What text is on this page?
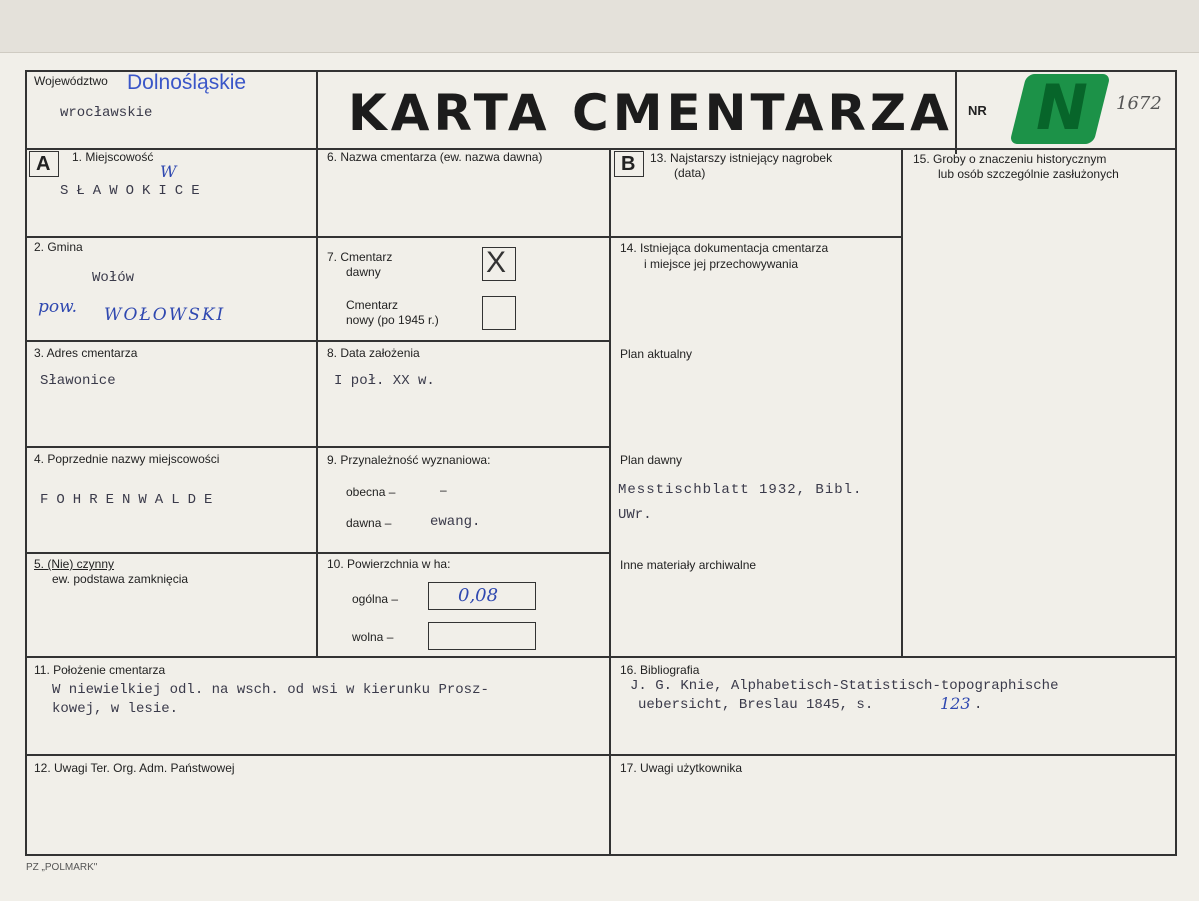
Województwo Dolnośląskie
wrocławskie	KARTA CMENTARZA NR N 1672
A 1. Miejscowość
SŁAWOKICE
W
2. Gmina
Wołów
pow. WOŁOWSKI
3. Adres cmentarza
Sławonice
4. Poprzednie nazwy miejscowości
FOHRENWALDE
5. (Nie) czynny
ew. podstawa zamknięcia
6. Nazwa cmentarza (ew. nazwa dawna)
7. Cmentarz
dawny	X
Cmentarz
nowy (po 1945 r.)
8. Data założenia
I poł. XX w.
9. Przynależność wyznaniowa:
obecna –	–
dawna –	ewang.
10. Powierzchnia w ha:
ogólna –	0,08
wolna –
B 13. Najstarszy istniejący nagrobek
(data)
14. Istniejąca dokumentacja cmentarza
i miejsce jej przechowywania
Plan aktualny
Plan dawny
Messtischblatt 1932, Bibl.
UWr.
Inne materiały archiwalne
15. Groby o znaczeniu historycznym
lub osób szczególnie zasłużonych
11. Położenie cmentarza
W niewielkiej odl. na wsch. od wsi w kierunku Prosz-
kowej, w lesie.
16. Bibliografia
J. G. Knie, Alphabetisch-Statistisch-topographische
uebersicht, Breslau 1845, s.	123 .
12. Uwagi Ter. Org. Adm. Państwowej	17. Uwagi użytkownika
PZ „POLMARK"
